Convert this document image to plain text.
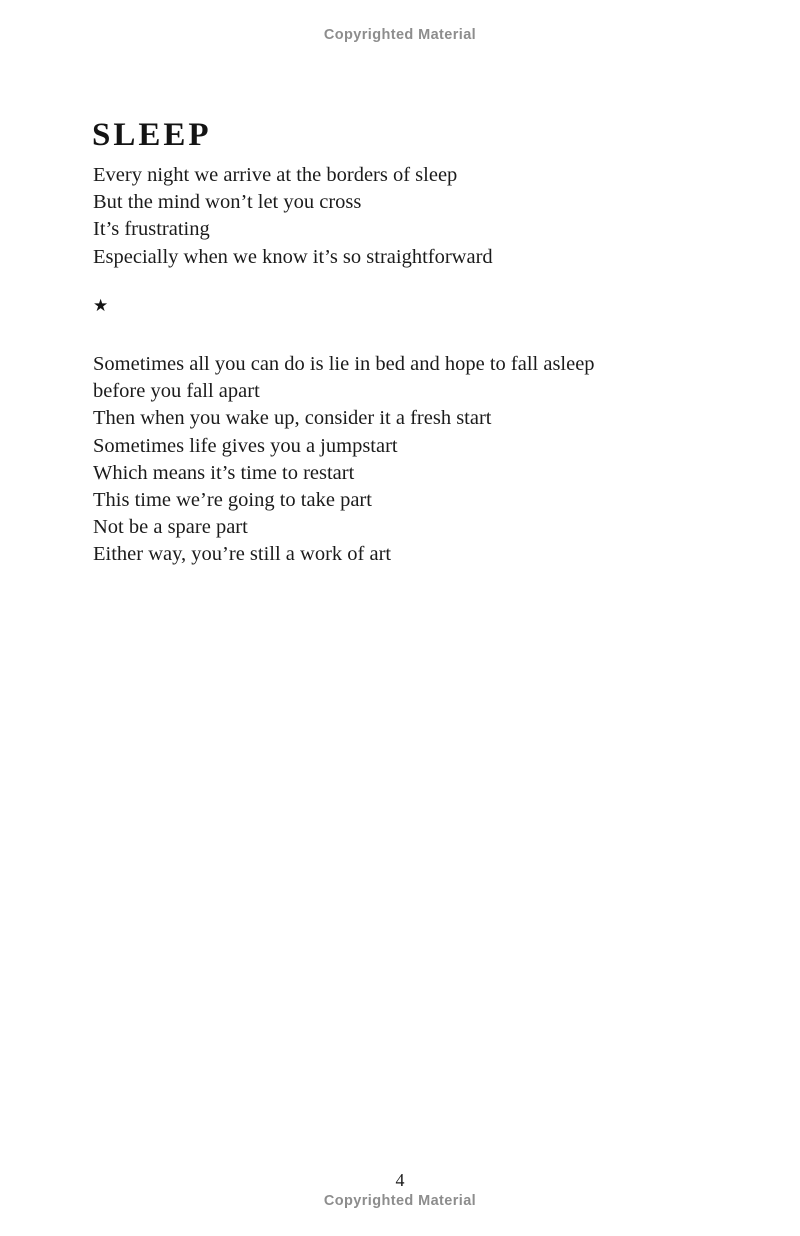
Copyrighted Material
SLEEP
Every night we arrive at the borders of sleep
But the mind won’t let you cross
It’s frustrating
Especially when we know it’s so straightforward
★
Sometimes all you can do is lie in bed and hope to fall asleep
before you fall apart
Then when you wake up, consider it a fresh start
Sometimes life gives you a jumpstart
Which means it’s time to restart
This time we’re going to take part
Not be a spare part
Either way, you’re still a work of art
4
Copyrighted Material
